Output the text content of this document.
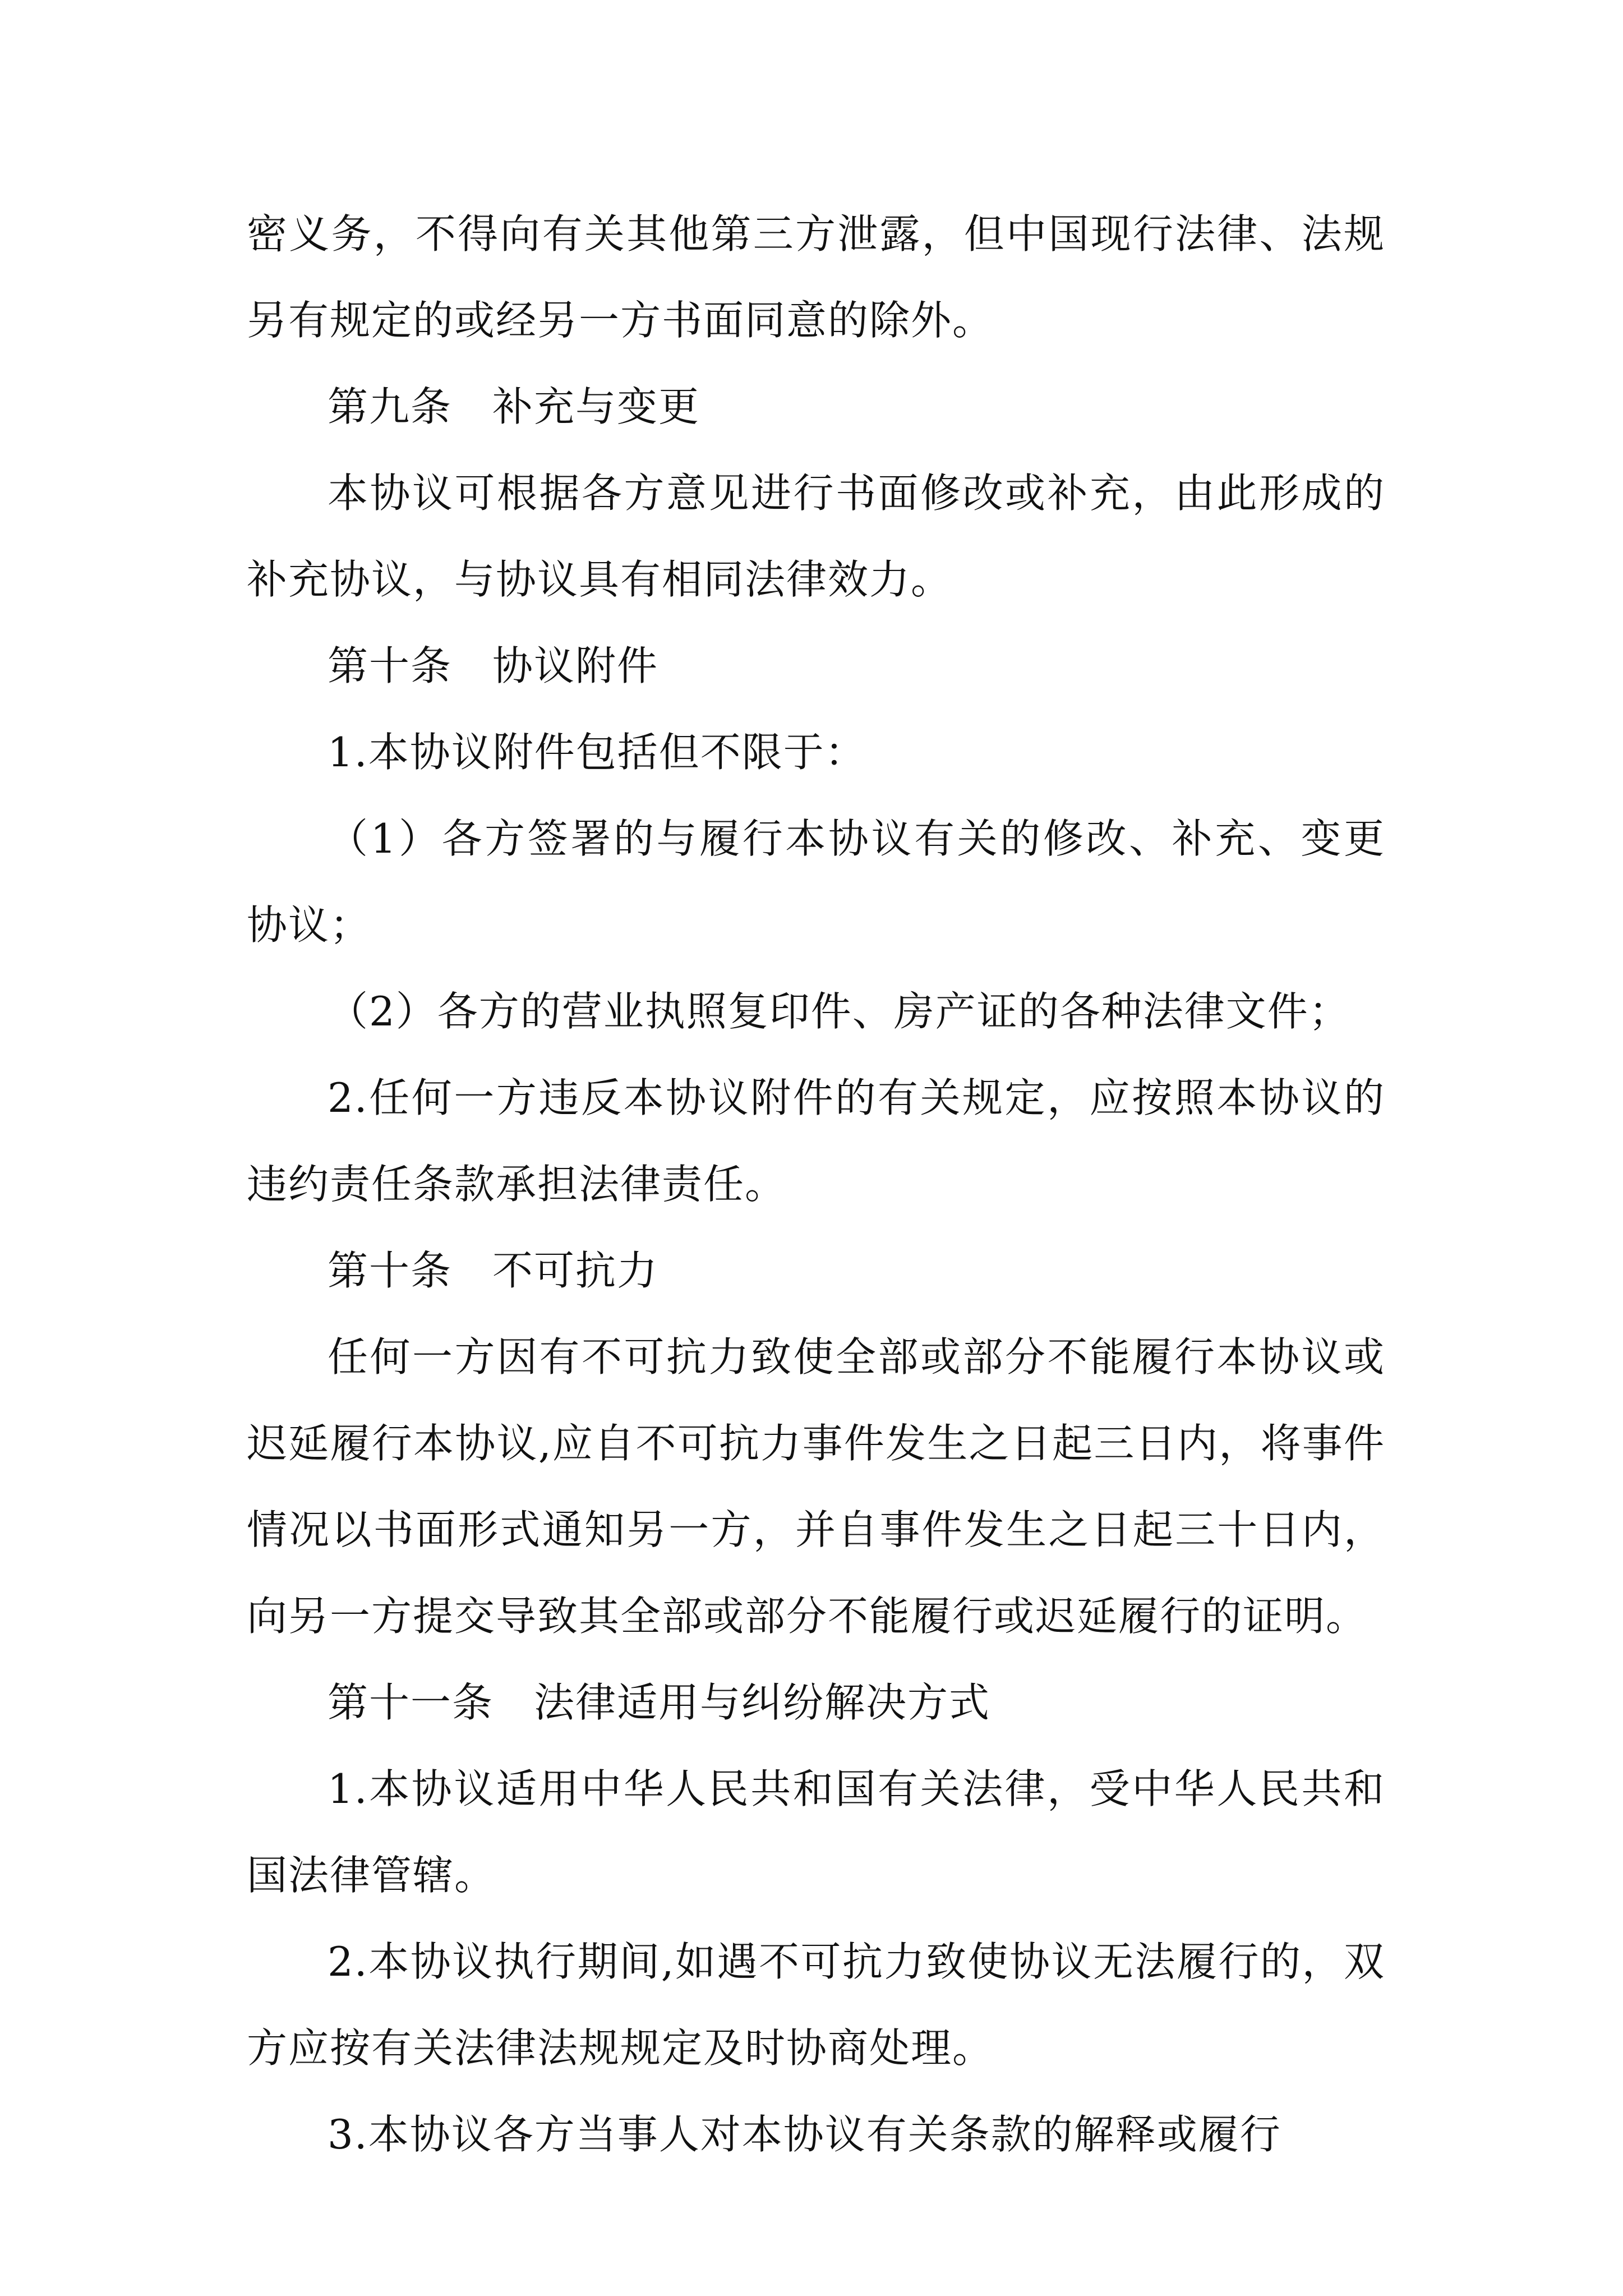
密义务，不得向有关其他第三方泄露，但中国现行法律、法规另有规定的或经另一方书面同意的除外。

第九条 补充与变更

本协议可根据各方意见进行书面修改或补充，由此形成的补充协议，与协议具有相同法律效力。

第十条 协议附件

1.本协议附件包括但不限于：

（1）各方签署的与履行本协议有关的修改、补充、变更协议；

（2）各方的营业执照复印件、房产证的各种法律文件；

2.任何一方违反本协议附件的有关规定，应按照本协议的违约责任条款承担法律责任。

第十条 不可抗力

任何一方因有不可抗力致使全部或部分不能履行本协议或迟延履行本协议,应自不可抗力事件发生之日起三日内，将事件情况以书面形式通知另一方，并自事件发生之日起三十日内，向另一方提交导致其全部或部分不能履行或迟延履行的证明。

第十一条 法律适用与纠纷解决方式

1.本协议适用中华人民共和国有关法律，受中华人民共和国法律管辖。

2.本协议执行期间,如遇不可抗力致使协议无法履行的，双方应按有关法律法规规定及时协商处理。

3.本协议各方当事人对本协议有关条款的解释或履行
